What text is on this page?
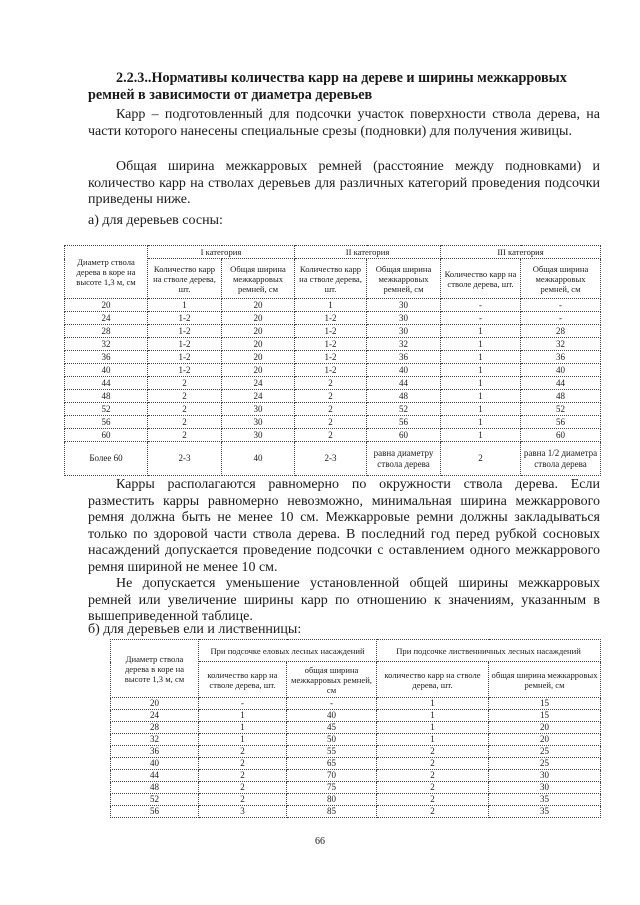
2.2.3..Нормативы количества карр на дереве и ширины межкарровых ремней в зависимости от диаметра деревьев
Карр – подготовленный для подсочки участок поверхности ствола дерева, на части которого нанесены специальные срезы (подновки) для получения живицы.
Общая ширина межкарровых ремней (расстояние между подновками) и количество карр на стволах деревьев для различных категорий проведения подсочки приведены ниже.
а) для деревьев сосны:
Диаметр ствола дерева в коре на высоте 1,3 м, см	I категория		II категория		III категория	
	Количество карр на стволе дерева, шт.	Общая ширина межкарровых ремней, см	Количество карр на стволе дерева, шт.	Общая ширина межкарровых ремней, см	Количество карр на стволе дерева, шт.	Общая ширина межкарровых ремней, см
20	1	20	1	30	-	-
24	1-2	20	1-2	30	-	-
28	1-2	20	1-2	30	1	28
32	1-2	20	1-2	32	1	32
36	1-2	20	1-2	36	1	36
40	1-2	20	1-2	40	1	40
44	2	24	2	44	1	44
48	2	24	2	48	1	48
52	2	30	2	52	1	52
56	2	30	2	56	1	56
60	2	30	2	60	1	60
Более 60	2-3	40	2-3	равна диаметру ствола дерева	2	равна 1/2 диаметра ствола дерева
Карры располагаются равномерно по окружности ствола дерева. Если разместить карры равномерно невозможно, минимальная ширина межкаррового ремня должна быть не менее 10 см. Межкарровые ремни должны закладываться только по здоровой части ствола дерева. В последний год перед рубкой сосновых насаждений допускается проведение подсочки с оставлением одного межкаррового ремня шириной не менее 10 см.
Не допускается уменьшение установленной общей ширины межкарровых ремней или увеличение ширины карр по отношению к значениям, указанным в вышеприведенной таблице.
б) для деревьев ели и лиственницы:
Диаметр ствола дерева в коре на высоте 1,3 м, см	При подсочке еловых лесных насаждений		При подсочке лиственничных лесных насаждений	
	количество карр на стволе дерева, шт.	общая ширина межкарровых ремней, см	количество карр на стволе дерева, шт.	общая ширина межкарровых ремней, см
20	-	-	1	15
24	1	40	1	15
28	1	45	1	20
32	1	50	1	20
36	2	55	2	25
40	2	65	2	25
44	2	70	2	30
48	2	75	2	30
52	2	80	2	35
56	3	85	2	35
66
